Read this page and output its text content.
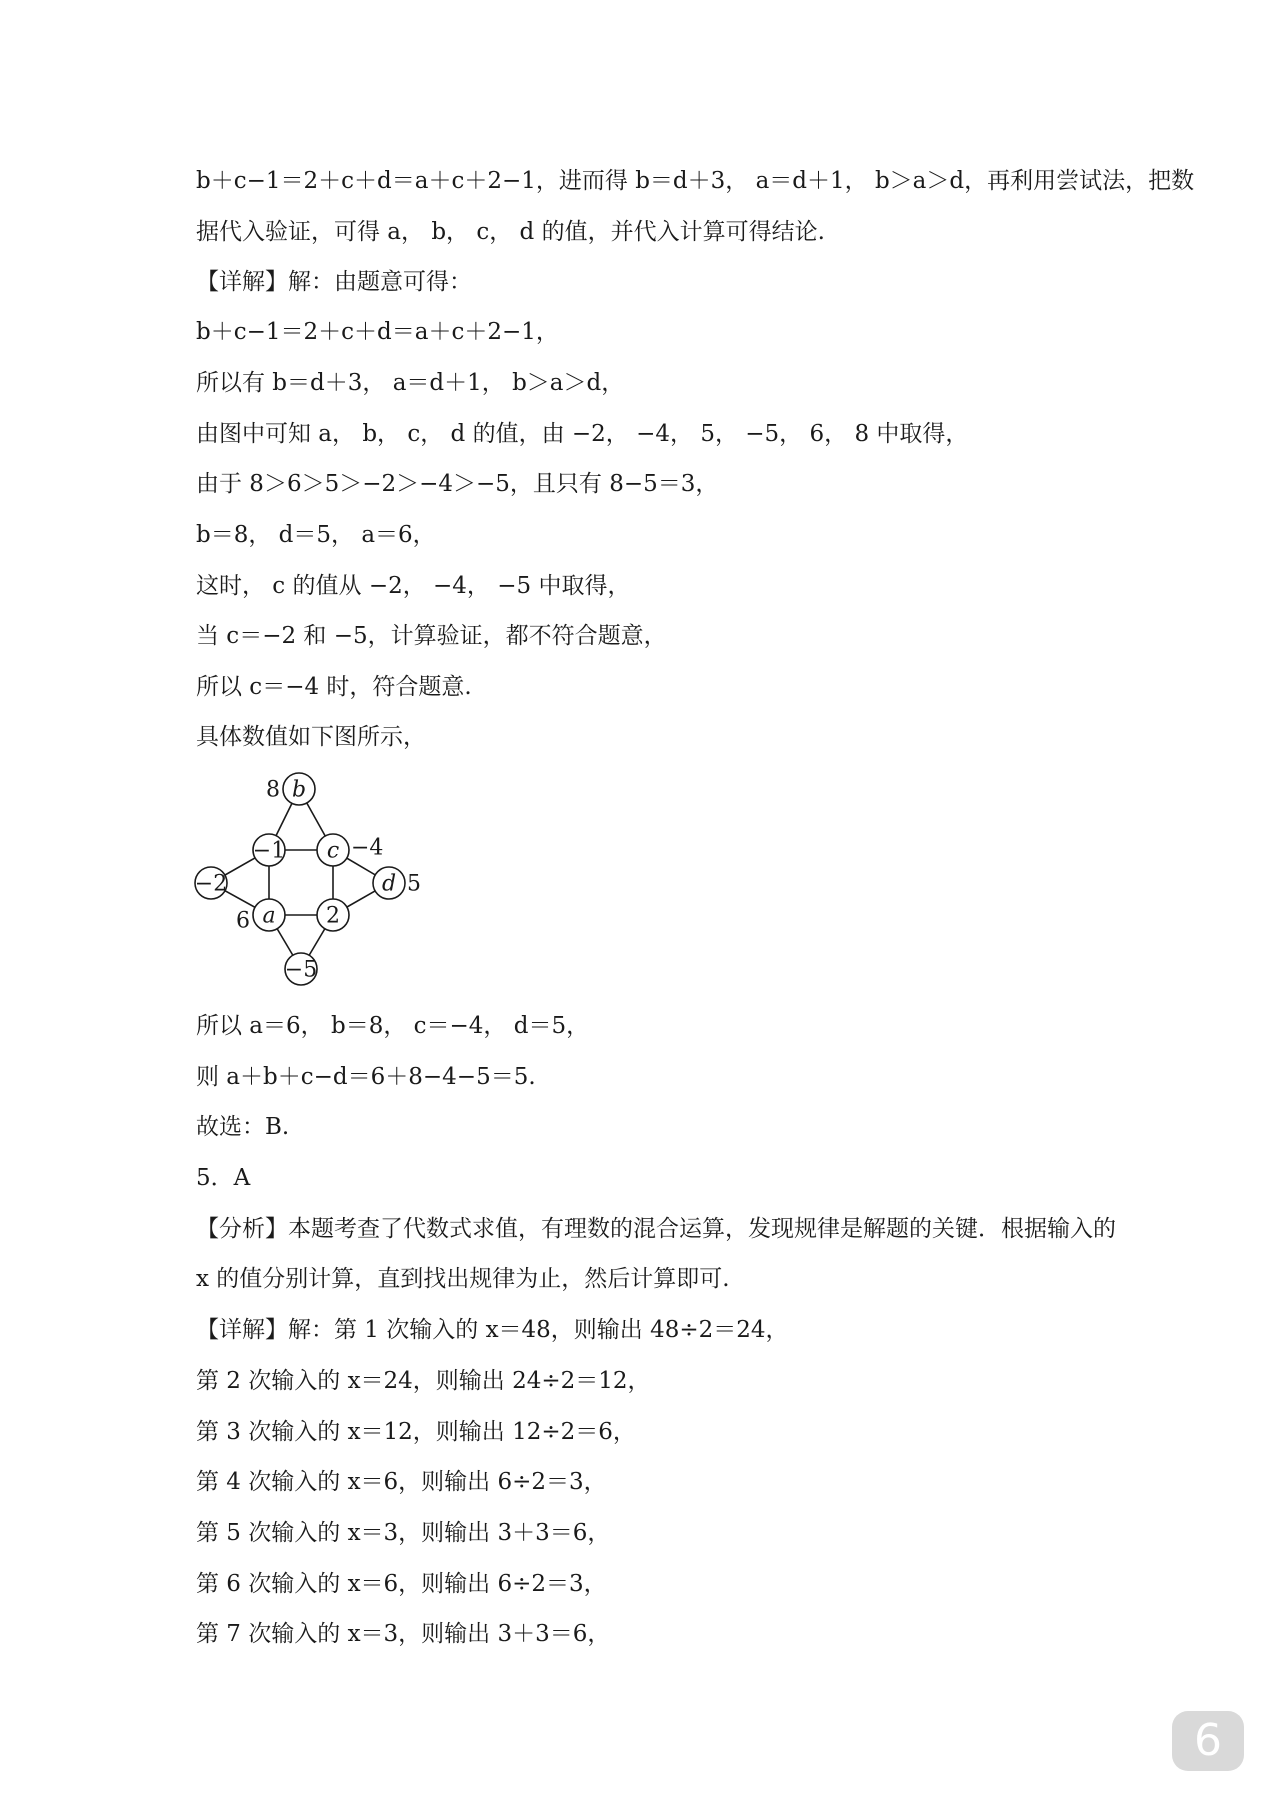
b＋c−1＝2＋c＋d＝a＋c＋2−1，进而得 b＝d＋3， a＝d＋1， b＞a＞d，再利用尝试法，把数
据代入验证，可得 a， b， c， d 的值，并代入计算可得结论.
【详解】解：由题意可得：
b＋c−1＝2＋c＋d＝a＋c＋2−1，
所以有 b＝d＋3， a＝d＋1， b＞a＞d，
由图中可知 a， b， c， d 的值，由 −2， −4， 5， −5， 6， 8 中取得，
由于 8＞6＞5＞−2＞−4＞−5，且只有 8−5＝3，
b＝8， d＝5， a＝6，
这时， c 的值从 −2， −4， −5 中取得，
当 c＝−2 和 −5，计算验证，都不符合题意，
所以 c＝−4 时，符合题意.
具体数值如下图所示，
b
−1 c
−2	d
a 2
−5
8
−4
5
6
所以 a＝6， b＝8， c＝−4， d＝5，
则 a＋b＋c−d＝6＋8−4−5＝5.
故选：B.
5．A
【分析】本题考查了代数式求值，有理数的混合运算，发现规律是解题的关键．根据输入的
x 的值分别计算，直到找出规律为止，然后计算即可.
【详解】解：第 1 次输入的 x＝48，则输出 48÷2＝24，
第 2 次输入的 x＝24，则输出 24÷2＝12，
第 3 次输入的 x＝12，则输出 12÷2＝6，
第 4 次输入的 x＝6，则输出 6÷2＝3，
第 5 次输入的 x＝3，则输出 3＋3＝6，
第 6 次输入的 x＝6，则输出 6÷2＝3，
第 7 次输入的 x＝3，则输出 3＋3＝6，
6
